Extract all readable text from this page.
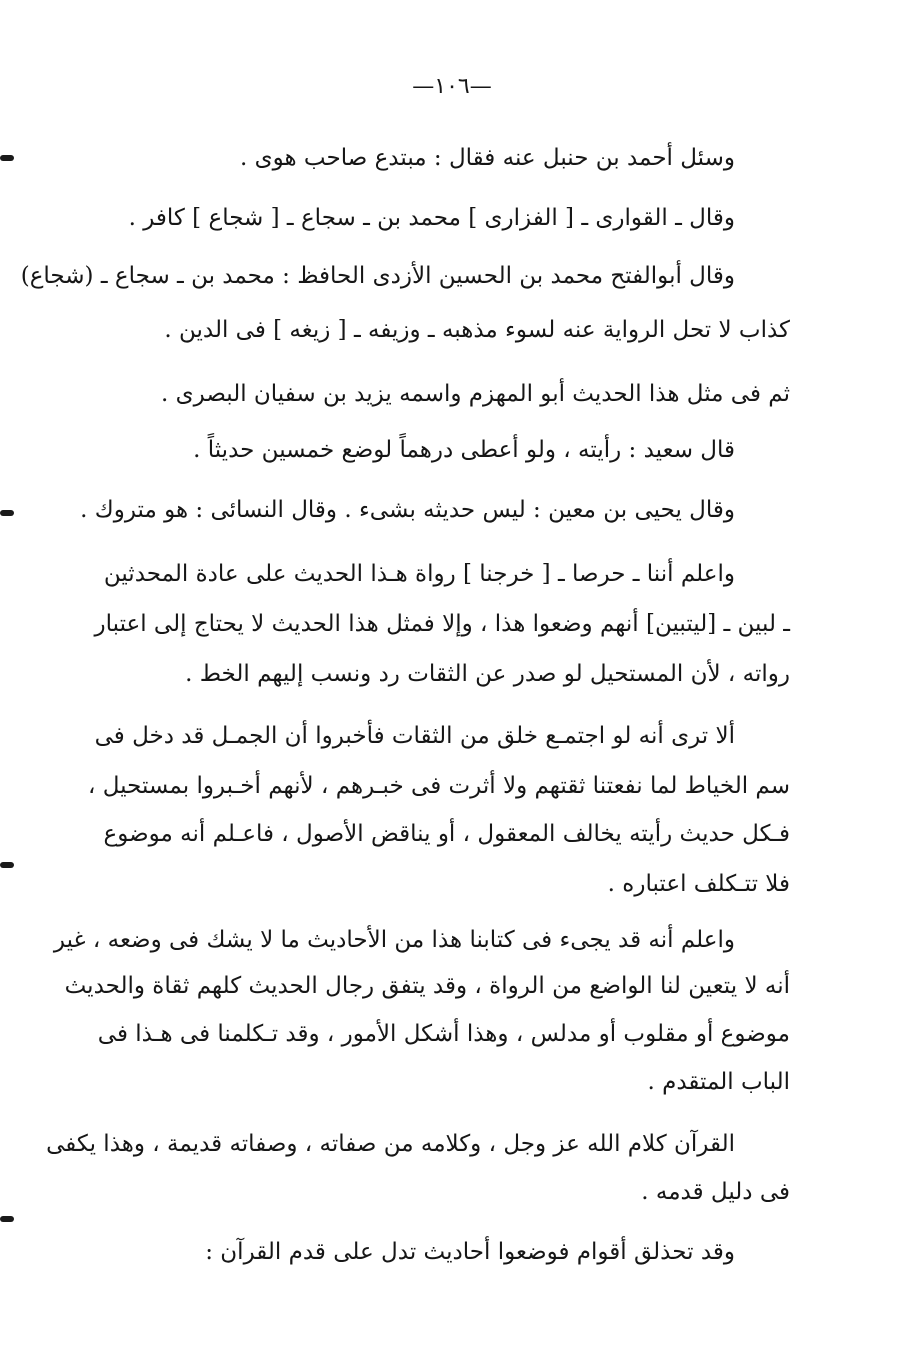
—١٠٦—
وسئل أحمد بن حنبل عنه فقال : مبتدع صاحب هوى .
وقال ـ القوارى ـ [ الفزارى ] محمد بن ـ سجاع ـ [ شجاع ] كافر .
وقال أبوالفتح محمد بن الحسين الأزدى الحافظ : محمد بن ـ سجاع ـ (شجاع)
كذاب لا تحل الرواية عنه لسوء مذهبه ـ وزيفه ـ [ زيغه ] فى الدين .
ثم فى مثل هذا الحديث أبو المهزم واسمه يزيد بن سفيان البصرى .
قال سعيد : رأيته ، ولو أعطى درهماً لوضع خمسين حديثاً .
وقال يحيى بن معين : ليس حديثه بشىء . وقال النسائى : هو متروك .
واعلم أننا ـ حرصا ـ [ خرجنا ] رواة هـذا الحديث على عادة المحدثين
ـ لبين ـ [ليتبين] أنهم وضعوا هذا ، وإلا فمثل هذا الحديث لا يحتاج إلى اعتبار
رواته ، لأن المستحيل لو صدر عن الثقات رد ونسب إليهم الخط .
ألا ترى أنه لو اجتمـع خلق من الثقات فأخبروا أن الجمـل قد دخل فى
سم الخياط لما نفعتنا ثقتهم ولا أثرت فى خبـرهم ، لأنهم أخـبروا بمستحيل ،
فـكل حديث رأيته يخالف المعقول ، أو يناقض الأصول ، فاعـلم أنه موضوع
فلا تتـكلف اعتباره .
واعلم أنه قد يجىء فى كتابنا هذا من الأحاديث ما لا يشك فى وضعه ، غير
أنه لا يتعين لنا الواضع من الرواة ، وقد يتفق رجال الحديث كلهم ثقاة والحديث
موضوع أو مقلوب أو مدلس ، وهذا أشكل الأمور ، وقد تـكلمنا فى هـذا فى
الباب المتقدم .
القرآن كلام الله عز وجل ، وكلامه من صفاته ، وصفاته قديمة ، وهذا يكفى
فى دليل قدمه .
وقد تحذلق أقوام فوضعوا أحاديث تدل على قدم القرآن :
